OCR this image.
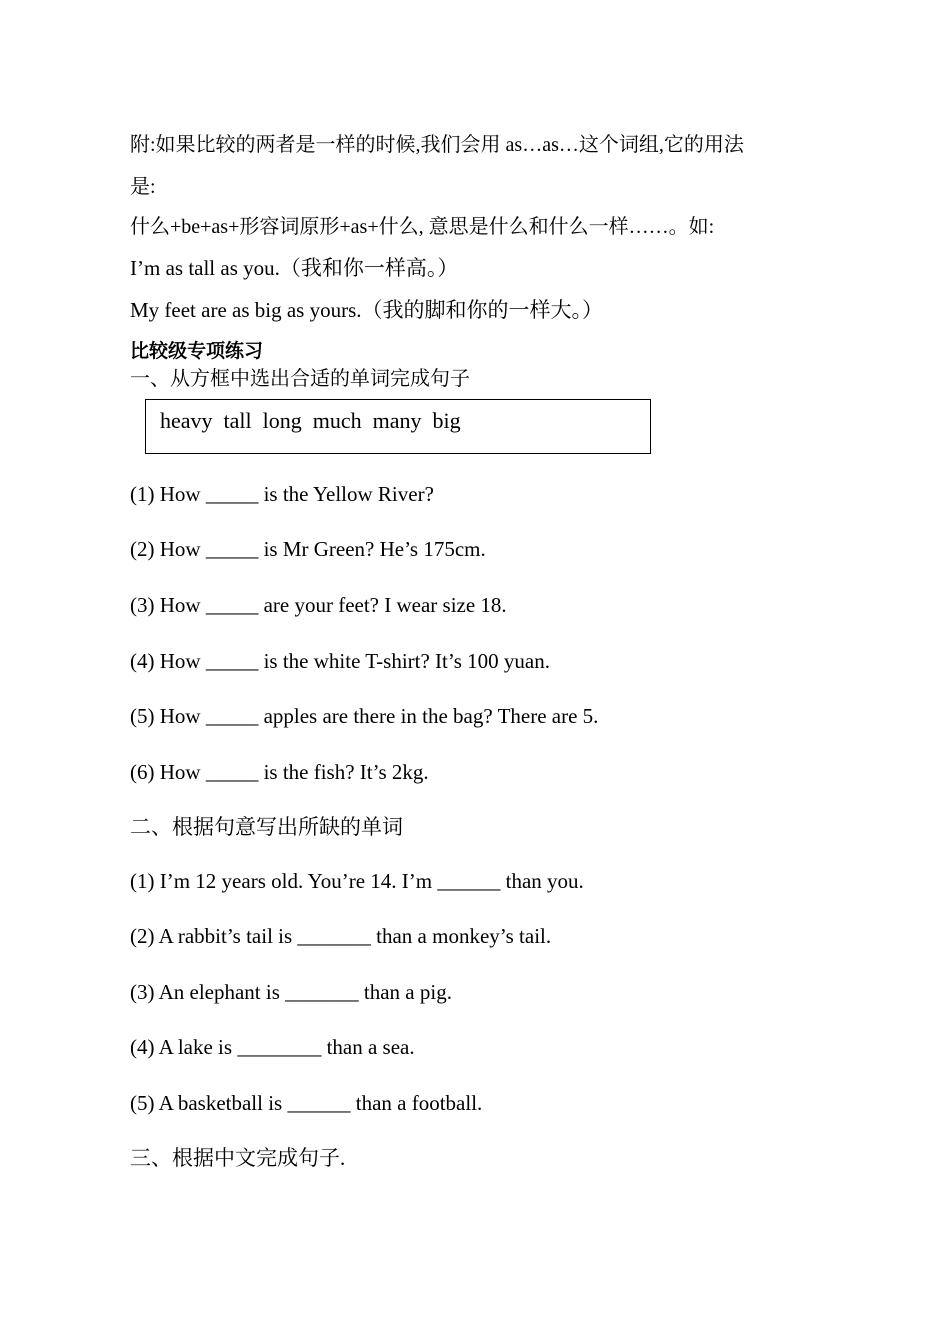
附:如果比较的两者是一样的时候,我们会用 as…as…这个词组,它的用法
是:
什么+be+as+形容词原形+as+什么, 意思是什么和什么一样……。如:
I’m as tall as you.（我和你一样高。）
My feet are as big as yours.（我的脚和你的一样大。）
比较级专项练习
一、从方框中选出合适的单词完成句子
heavy  tall  long  much  many  big
(1) How _____ is the Yellow River?
(2) How _____ is Mr Green? He’s 175cm.
(3) How _____ are your feet? I wear size 18.
(4) How _____ is the white T-shirt? It’s 100 yuan.
(5) How _____ apples are there in the bag? There are 5.
(6) How _____ is the fish? It’s 2kg.
二、根据句意写出所缺的单词
(1) I’m 12 years old. You’re 14. I’m ______ than you.
(2) A rabbit’s tail is _______ than a monkey’s tail.
(3) An elephant is _______ than a pig.
(4) A lake is ________ than a sea.
(5) A basketball is ______ than a football.
三、根据中文完成句子.
